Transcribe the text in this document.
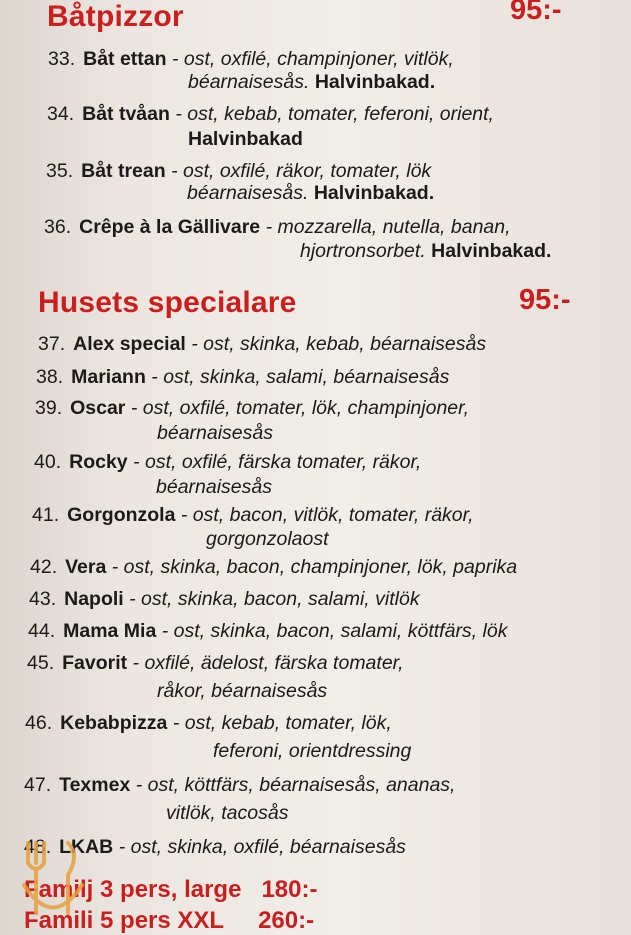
Båtpizzor	95:-
33. Båt ettan - ost, oxfilé, champinjoner, vitlök,
béarnaisesås. Halvinbakad.
34. Båt tvåan - ost, kebab, tomater, feferoni, orient,
Halvinbakad
35. Båt trean - ost, oxfilé, räkor, tomater, lök
béarnaisesås. Halvinbakad.
36. Crêpe à la Gällivare - mozzarella, nutella, banan,
hjortronsorbet. Halvinbakad.
Husets specialare	95:-
37. Alex special - ost, skinka, kebab, béarnaisesås
38. Mariann - ost, skinka, salami, béarnaisesås
39. Oscar - ost, oxfilé, tomater, lök, champinjoner,
béarnaisesås
40. Rocky - ost, oxfilé, färska tomater, räkor,
béarnaisesås
41. Gorgonzola - ost, bacon, vitlök, tomater, räkor,
gorgonzolaost
42. Vera - ost, skinka, bacon, champinjoner, lök, paprika
43. Napoli - ost, skinka, bacon, salami, vitlök
44. Mama Mia - ost, skinka, bacon, salami, köttfärs, lök
45. Favorit - oxfilé, ädelost, färska tomater,
råkor, béarnaisesås
46. Kebabpizza - ost, kebab, tomater, lök,
feferoni, orientdressing
47. Texmex - ost, köttfärs, béarnaisesås, ananas,
vitlök, tacosås
48. LKAB - ost, skinka, oxfilé, béarnaisesås
Familj 3 pers, large 180:-
Famili 5 pers XXL 260:-
